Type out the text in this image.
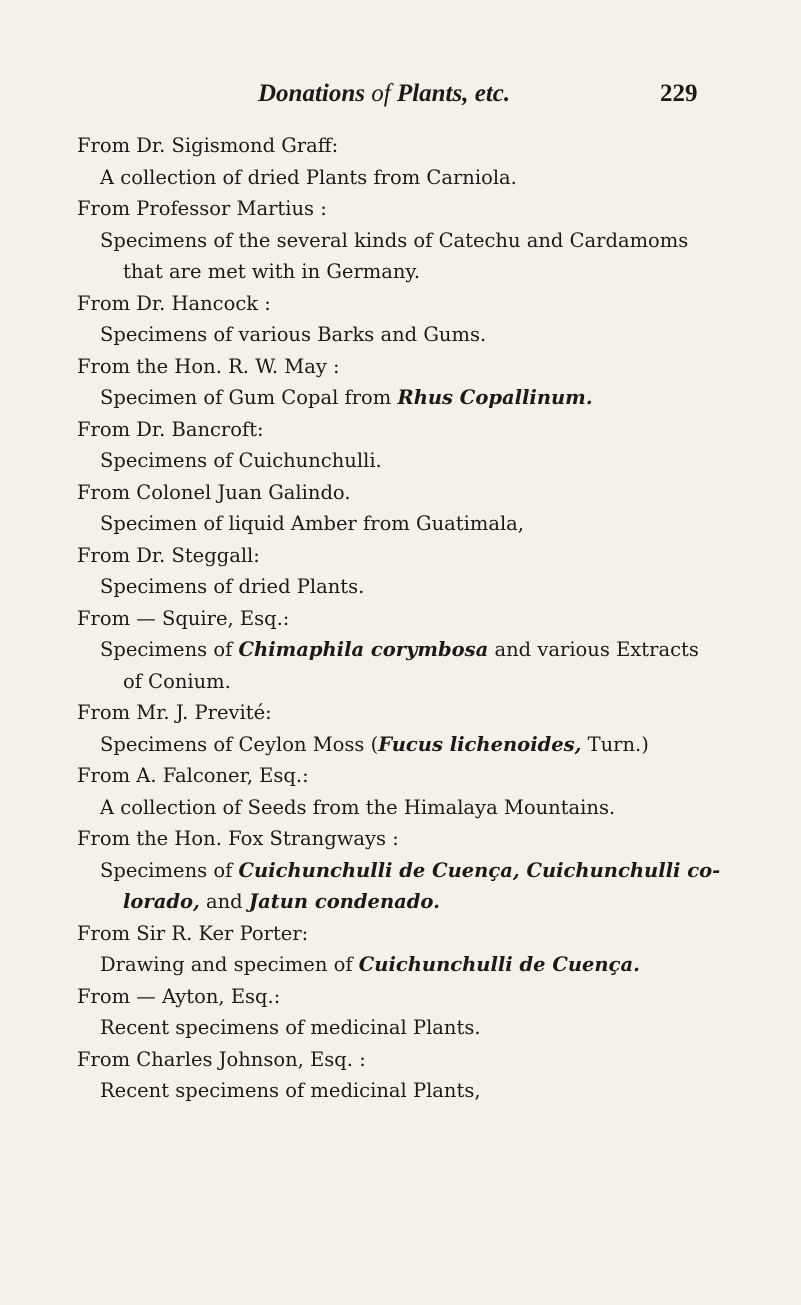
Donations of Plants, etc.	229
From Dr. Sigismond Graff:
A collection of dried Plants from Carniola.
From Professor Martius :
Specimens of the several kinds of Catechu and Cardamoms
that are met with in Germany.
From Dr. Hancock :
Specimens of various Barks and Gums.
From the Hon. R. W. May :
Specimen of Gum Copal from Rhus Copallinum.
From Dr. Bancroft:
Specimens of Cuichunchulli.
From Colonel Juan Galindo.
Specimen of liquid Amber from Guatimala,
From Dr. Steggall:
Specimens of dried Plants.
From — Squire, Esq.:
Specimens of Chimaphila corymbosa and various Extracts
of Conium.
From Mr. J. Previté:
Specimens of Ceylon Moss (Fucus lichenoides, Turn.)
From A. Falconer, Esq.:
A collection of Seeds from the Himalaya Mountains.
From the Hon. Fox Strangways :
Specimens of Cuichunchulli de Cuença, Cuichunchulli co-
lorado, and Jatun condenado.
From Sir R. Ker Porter:
Drawing and specimen of Cuichunchulli de Cuença.
From — Ayton, Esq.:
Recent specimens of medicinal Plants.
From Charles Johnson, Esq. :
Recent specimens of medicinal Plants,
